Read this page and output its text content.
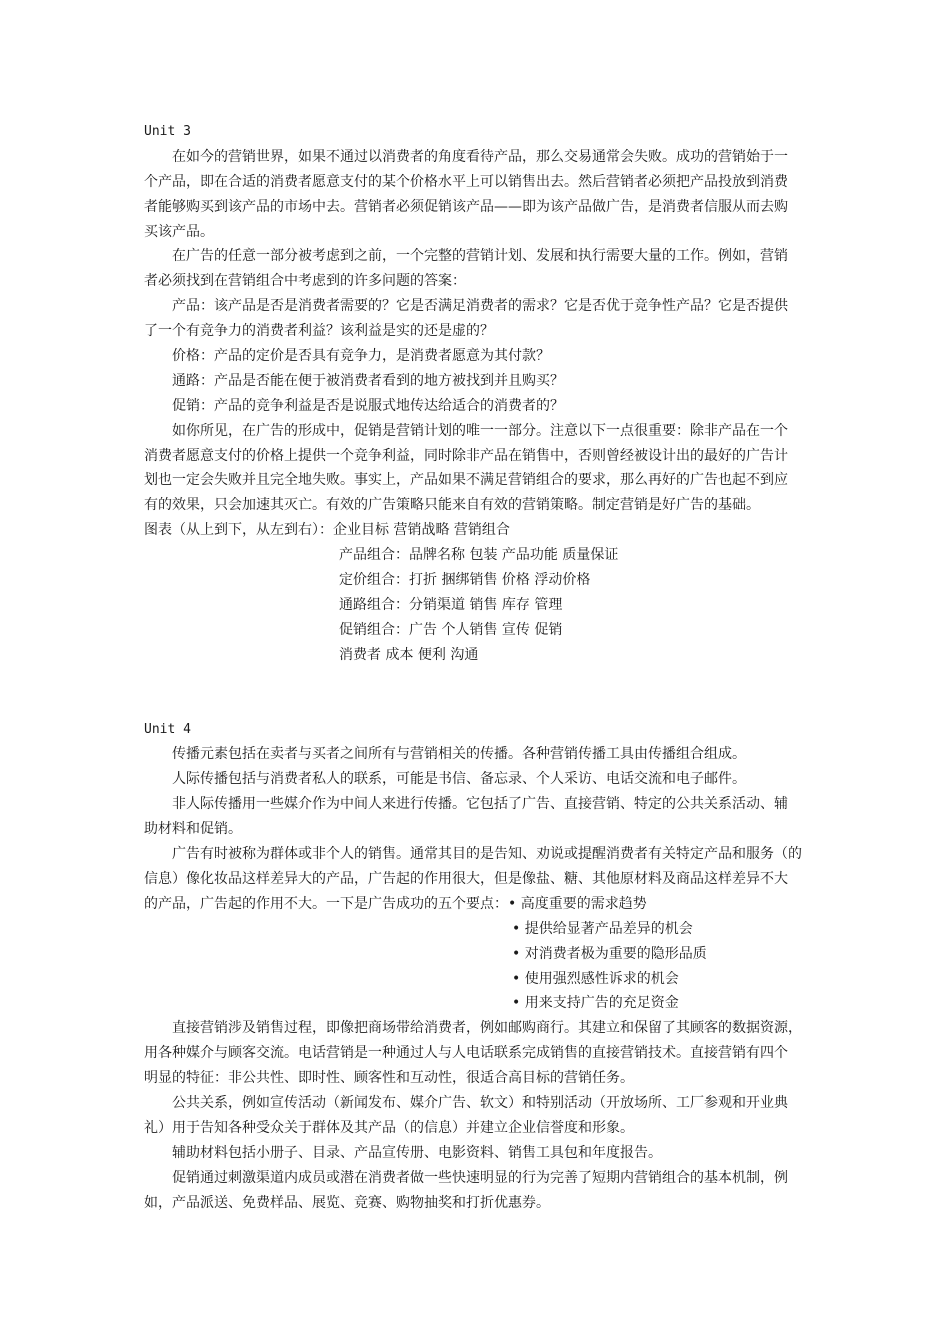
Unit 3
在如今的营销世界，如果不通过以消费者的角度看待产品，那么交易通常会失败。成功的营销始于一
个产品，即在合适的消费者愿意支付的某个价格水平上可以销售出去。然后营销者必须把产品投放到消费
者能够购买到该产品的市场中去。营销者必须促销该产品——即为该产品做广告，是消费者信服从而去购
买该产品。
在广告的任意一部分被考虑到之前，一个完整的营销计划、发展和执行需要大量的工作。例如，营销
者必须找到在营销组合中考虑到的许多问题的答案：
产品：该产品是否是消费者需要的？它是否满足消费者的需求？它是否优于竞争性产品？它是否提供
了一个有竞争力的消费者利益？该利益是实的还是虚的？
价格：产品的定价是否具有竞争力，是消费者愿意为其付款？
通路：产品是否能在便于被消费者看到的地方被找到并且购买？
促销：产品的竞争利益是否是说服式地传达给适合的消费者的？
如你所见，在广告的形成中，促销是营销计划的唯一一部分。注意以下一点很重要：除非产品在一个
消费者愿意支付的价格上提供一个竞争利益，同时除非产品在销售中，否则曾经被设计出的最好的广告计
划也一定会失败并且完全地失败。事实上，产品如果不满足营销组合的要求，那么再好的广告也起不到应
有的效果，只会加速其灭亡。有效的广告策略只能来自有效的营销策略。制定营销是好广告的基础。
图表（从上到下，从左到右）：企业目标 营销战略 营销组合
产品组合：品牌名称 包装 产品功能 质量保证
定价组合：打折 捆绑销售 价格 浮动价格
通路组合：分销渠道 销售 库存 管理
促销组合：广告 个人销售 宣传 促销
消费者 成本 便利 沟通
Unit 4
传播元素包括在卖者与买者之间所有与营销相关的传播。各种营销传播工具由传播组合组成。
人际传播包括与消费者私人的联系，可能是书信、备忘录、个人采访、电话交流和电子邮件。
非人际传播用一些媒介作为中间人来进行传播。它包括了广告、直接营销、特定的公共关系活动、辅
助材料和促销。
广告有时被称为群体或非个人的销售。通常其目的是告知、劝说或提醒消费者有关特定产品和服务（的
信息）像化妆品这样差异大的产品，广告起的作用很大，但是像盐、糖、其他原材料及商品这样差异不大
的产品，广告起的作用不大。一下是广告成功的五个要点：• 高度重要的需求趋势
• 提供给显著产品差异的机会
• 对消费者极为重要的隐形品质
• 使用强烈感性诉求的机会
• 用来支持广告的充足资金
直接营销涉及销售过程，即像把商场带给消费者，例如邮购商行。其建立和保留了其顾客的数据资源，
用各种媒介与顾客交流。电话营销是一种通过人与人电话联系完成销售的直接营销技术。直接营销有四个
明显的特征：非公共性、即时性、顾客性和互动性，很适合高目标的营销任务。
公共关系，例如宣传活动（新闻发布、媒介广告、软文）和特别活动（开放场所、工厂参观和开业典
礼）用于告知各种受众关于群体及其产品（的信息）并建立企业信誉度和形象。
辅助材料包括小册子、目录、产品宣传册、电影资料、销售工具包和年度报告。
促销通过刺激渠道内成员或潜在消费者做一些快速明显的行为完善了短期内营销组合的基本机制，例
如，产品派送、免费样品、展览、竞赛、购物抽奖和打折优惠券。
